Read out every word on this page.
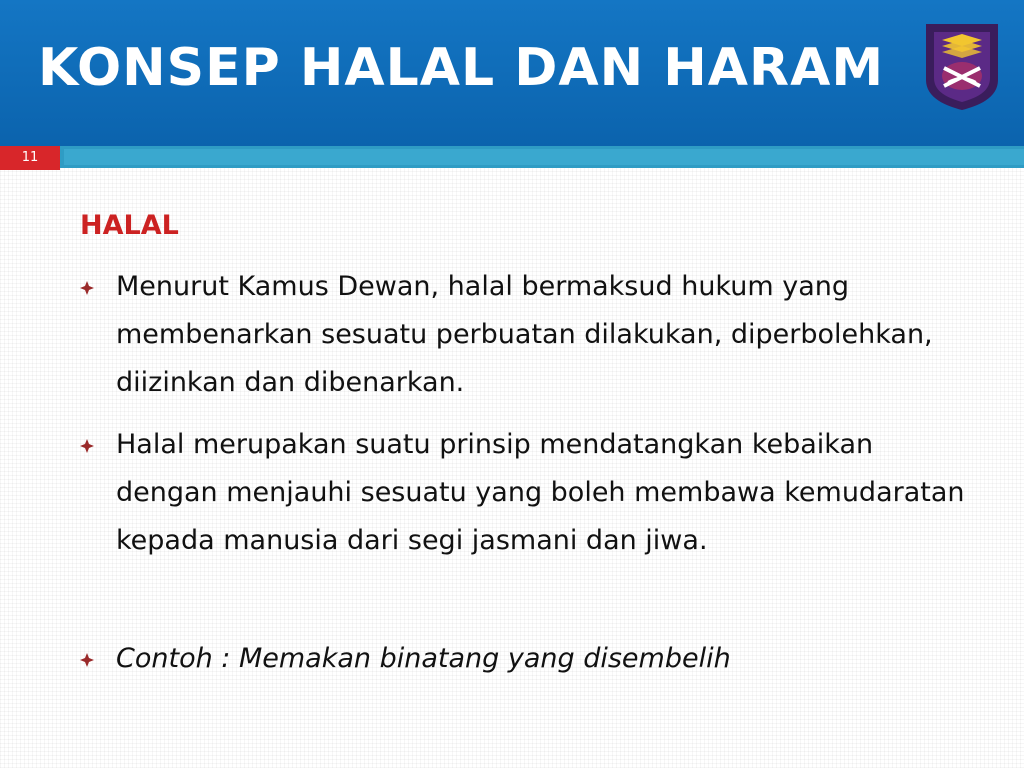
KONSEP HALAL DAN HARAM
11
HALAL
Menurut Kamus Dewan, halal bermaksud hukum yang membenarkan sesuatu perbuatan dilakukan, diperbolehkan, diizinkan dan dibenarkan.
Halal merupakan suatu prinsip mendatangkan kebaikan dengan menjauhi sesuatu yang boleh membawa kemudaratan kepada manusia dari segi jasmani dan jiwa.
Contoh : Memakan binatang yang disembelih
